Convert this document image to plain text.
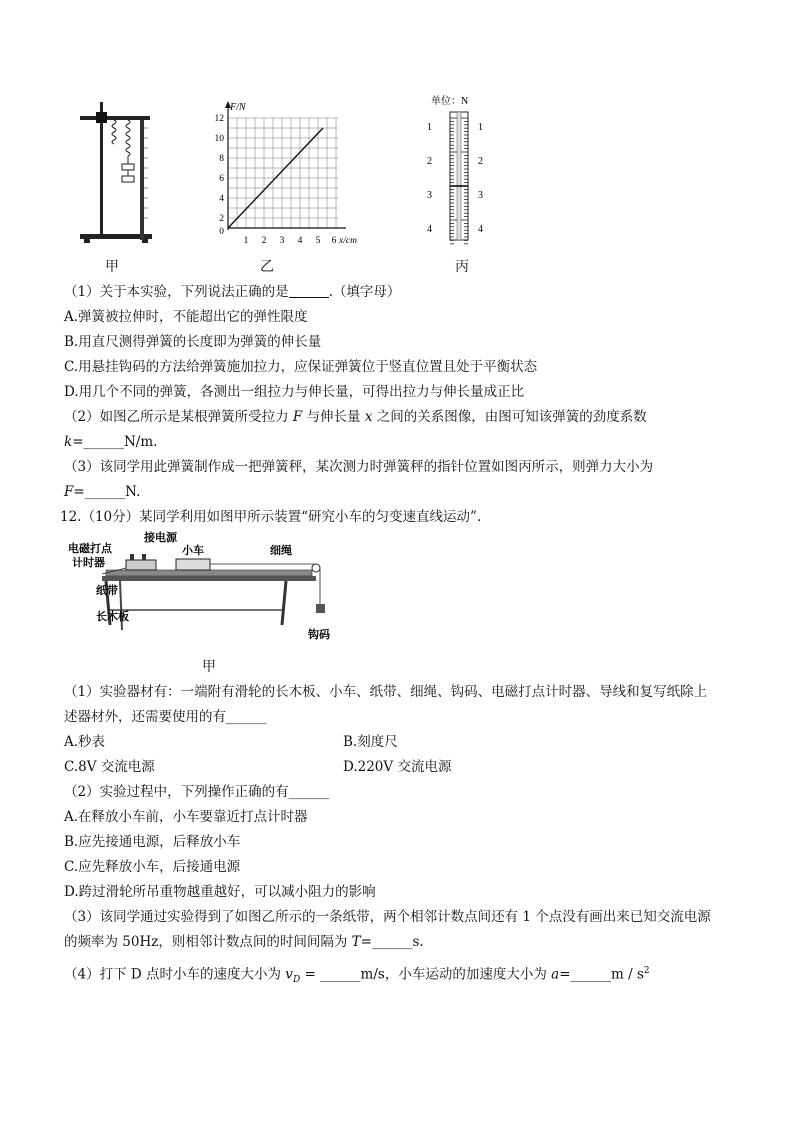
甲
F/N
12
10
8
6
4
2
0
1 2 3 4 5 6 x/cm
乙
单位：N
1
2
3
4
1
2
3
4
丙
（1）关于本实验，下列说法正确的是	.（填字母）
A.弹簧被拉伸时，不能超出它的弹性限度
B.用直尺测得弹簧的长度即为弹簧的伸长量
C.用悬挂钩码的方法给弹簧施加拉力，应保证弹簧位于竖直位置且处于平衡状态
D.用几个不同的弹簧，各测出一组拉力与伸长量，可得出拉力与伸长量成正比
（2）如图乙所示是某根弹簧所受拉力 F 与伸长量 x 之间的关系图像，由图可知该弹簧的劲度系数
k=______N/m.
（3）该同学用此弹簧制作成一把弹簧秤，某次测力时弹簧秤的指针位置如图丙所示，则弹力大小为
F=______N.
12.（10分）某同学利用如图甲所示装置“研究小车的匀变速直线运动”.
电磁打点
计时器
接电源
小车	细绳
纸带
长木板
钩码
甲
（1）实验器材有：一端附有滑轮的长木板、小车、纸带、细绳、钩码、电磁打点计时器、导线和复写纸除上
述器材外，还需要使用的有______
A.秒表	B.刻度尺
C.8V 交流电源	D.220V 交流电源
（2）实验过程中，下列操作正确的有______
A.在释放小车前，小车要靠近打点计时器
B.应先接通电源，后释放小车
C.应先释放小车，后接通电源
D.跨过滑轮所吊重物越重越好，可以减小阻力的影响
（3）该同学通过实验得到了如图乙所示的一条纸带，两个相邻计数点间还有 1 个点没有画出来已知交流电源
的频率为 50Hz，则相邻计数点间的时间间隔为 T=______s.
（4）打下 D 点时小车的速度大小为 $v_D$ = ______m/s，小车运动的加速度大小为 a=______m / $s^2$
